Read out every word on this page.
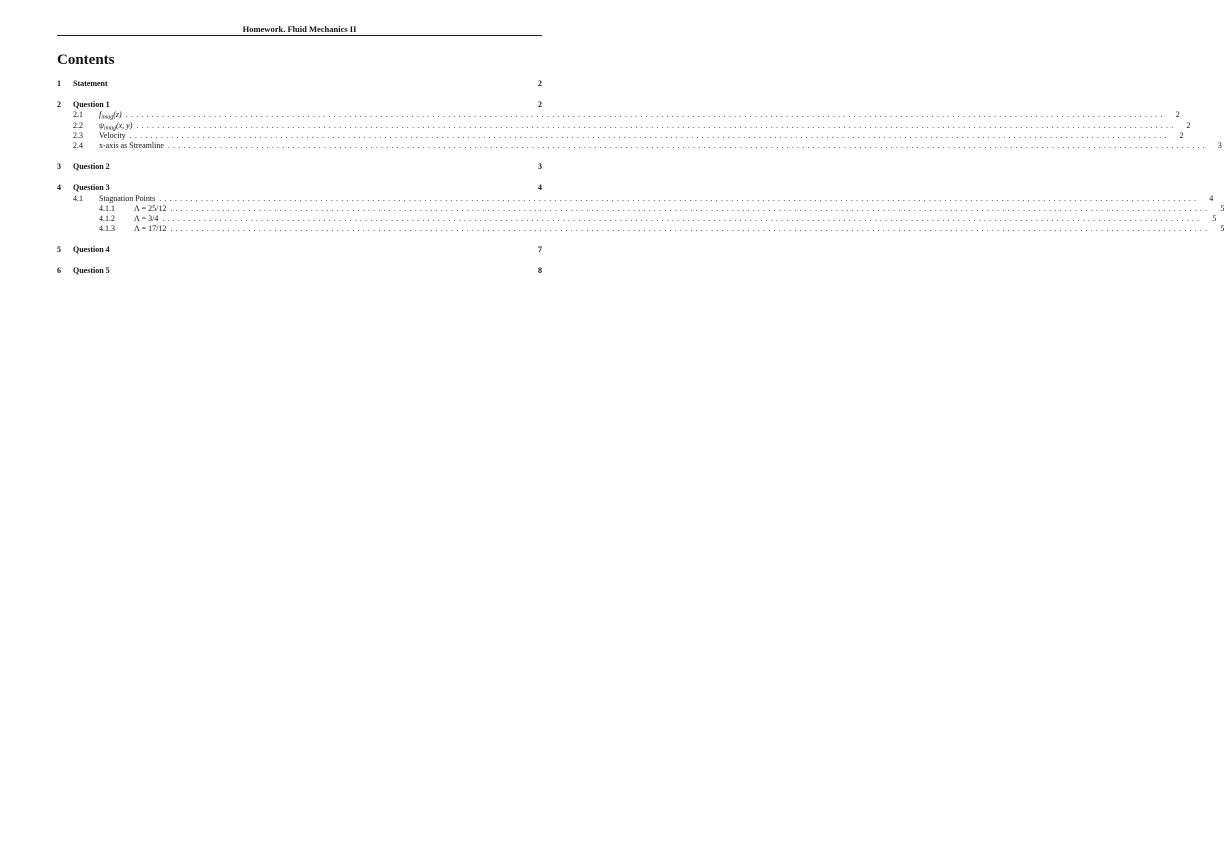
Homework. Fluid Mechanics II
Contents
1	Statement	2
2	Question 1	2
2.1	$f_{imag}(z)$ ........................................................................................................................................................................................................	2
2.2	$\psi_{imag}(x$, y) ........................................................................................................................................................................................................	2
2.3	Velocity ........................................................................................................................................................................................................	2
2.4	x-axis as Streamline ........................................................................................................................................................................................................	3
3	Question 2	3
4	Question 3	4
4.1	Stagnation Points ........................................................................................................................................................................................................	4
4.1.1	Λ = 25/12 ........................................................................................................................................................................................................	5
4.1.2	Λ = 3/4 ........................................................................................................................................................................................................	5
4.1.3	Λ = 17/12 ........................................................................................................................................................................................................	5
5	Question 4	7
6	Question 5	8
